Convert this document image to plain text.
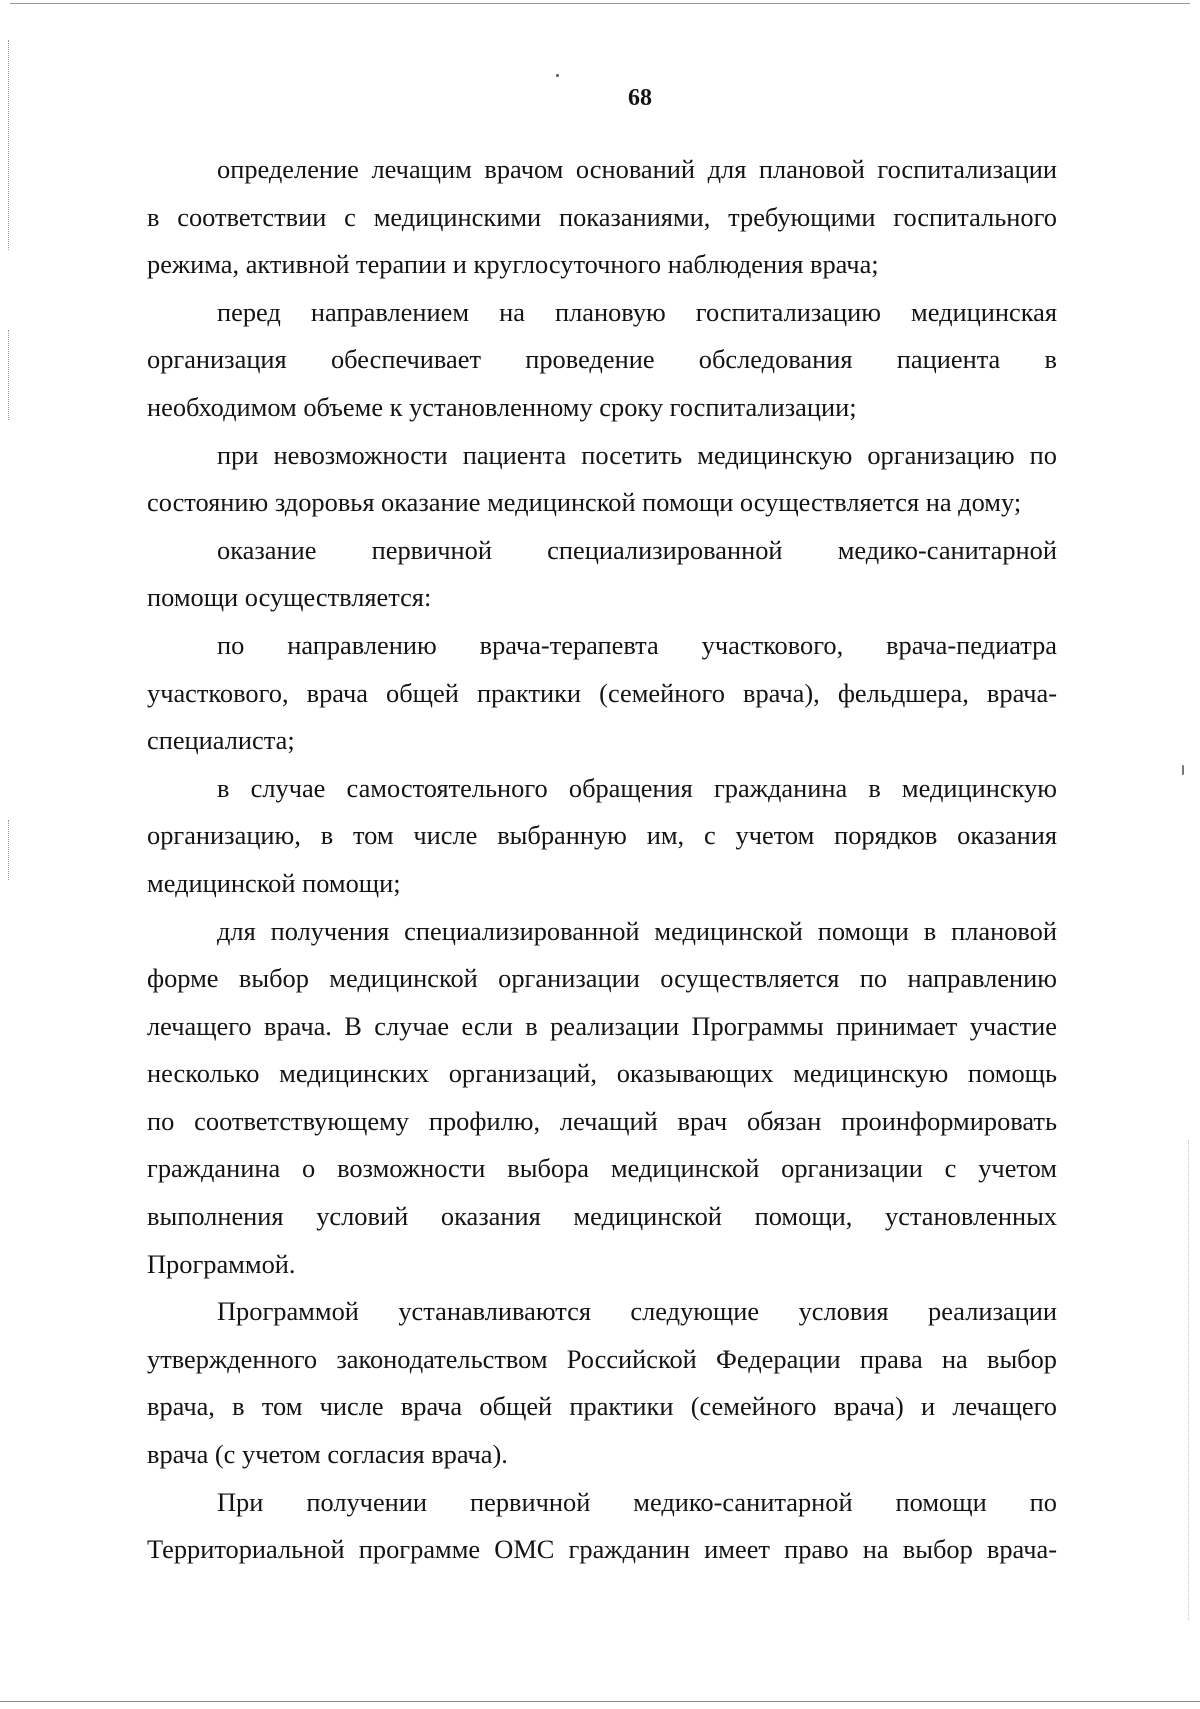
68
определение лечащим врачом оснований для плановой госпитализации
в соответствии с медицинскими показаниями, требующими госпитального
режима, активной терапии и круглосуточного наблюдения врача;
перед направлением на плановую госпитализацию медицинская
организация обеспечивает проведение обследования пациента в
необходимом объеме к установленному сроку госпитализации;
при невозможности пациента посетить медицинскую организацию по
состоянию здоровья оказание медицинской помощи осуществляется на дому;
оказание первичной специализированной медико-санитарной
помощи осуществляется:
по направлению врача-терапевта участкового, врача-педиатра
участкового, врача общей практики (семейного врача), фельдшера, врача-
специалиста;
в случае самостоятельного обращения гражданина в медицинскую
организацию, в том числе выбранную им, с учетом порядков оказания
медицинской помощи;
для получения специализированной медицинской помощи в плановой
форме выбор медицинской организации осуществляется по направлению
лечащего врача. В случае если в реализации Программы принимает участие
несколько медицинских организаций, оказывающих медицинскую помощь
по соответствующему профилю, лечащий врач обязан проинформировать
гражданина о возможности выбора медицинской организации с учетом
выполнения условий оказания медицинской помощи, установленных
Программой.
Программой устанавливаются следующие условия реализации
утвержденного законодательством Российской Федерации права на выбор
врача, в том числе врача общей практики (семейного врача) и лечащего
врача (с учетом согласия врача).
При получении первичной медико-санитарной помощи по
Территориальной программе ОМС гражданин имеет право на выбор врача-
